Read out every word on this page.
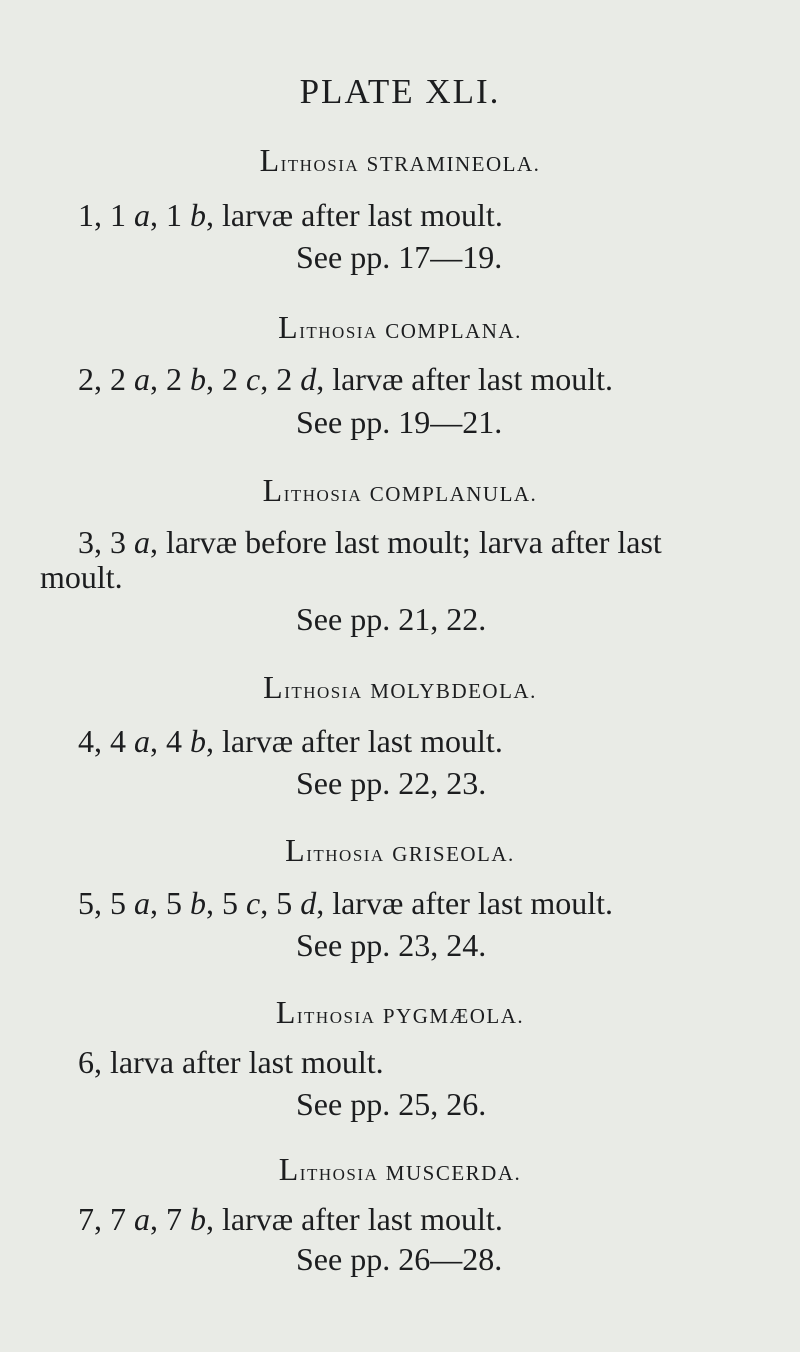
PLATE XLI.
Lithosia STRAMINEOLA.
1, 1 a, 1 b, larvæ after last moult.
See pp. 17—19.
Lithosia COMPLANA.
2, 2 a, 2 b, 2 c, 2 d, larvæ after last moult.
See pp. 19—21.
Lithosia COMPLANULA.
3, 3 a, larvæ before last moult; larva after last
moult.
See pp. 21, 22.
Lithosia MOLYBDEOLA.
4, 4 a, 4 b, larvæ after last moult.
See pp. 22, 23.
Lithosia GRISEOLA.
5, 5 a, 5 b, 5 c, 5 d, larvæ after last moult.
See pp. 23, 24.
Lithosia PYGMÆOLA.
6, larva after last moult.
See pp. 25, 26.
Lithosia MUSCERDA.
7, 7 a, 7 b, larvæ after last moult.
See pp. 26—28.
